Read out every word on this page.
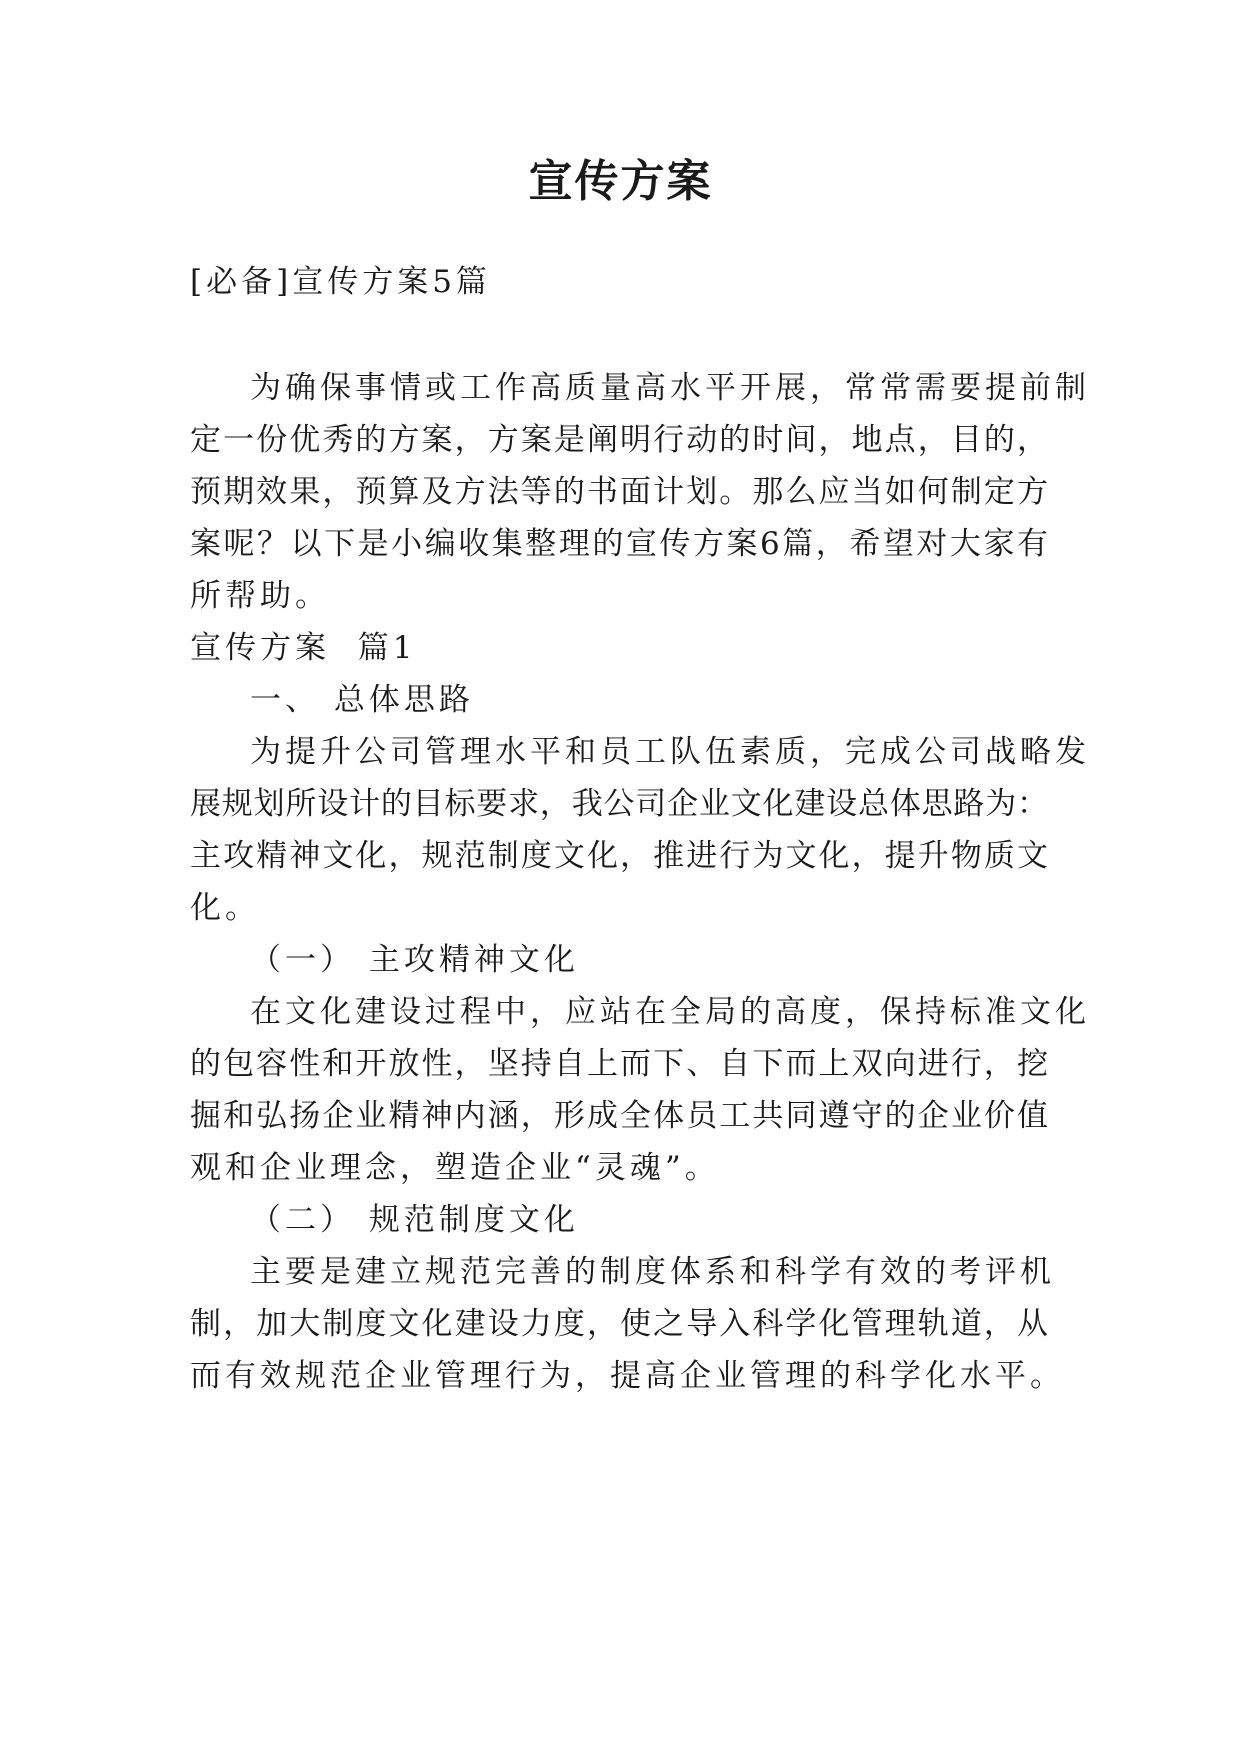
宣传方案
[必备]宣传方案5篇
为确保事情或工作高质量高水平开展，常常需要提前制
定一份优秀的方案，方案是阐明行动的时间，地点，目的，
预期效果，预算及方法等的书面计划。那么应当如何制定方
案呢？以下是小编收集整理的宣传方案6篇，希望对大家有
所帮助。
宣传方案  篇1
一、 总体思路
为提升公司管理水平和员工队伍素质，完成公司战略发
展规划所设计的目标要求，我公司企业文化建设总体思路为：
主攻精神文化，规范制度文化，推进行为文化，提升物质文
化。
（一） 主攻精神文化
在文化建设过程中，应站在全局的高度，保持标准文化
的包容性和开放性，坚持自上而下、自下而上双向进行，挖
掘和弘扬企业精神内涵，形成全体员工共同遵守的企业价值
观和企业理念，塑造企业“灵魂”。
（二） 规范制度文化
主要是建立规范完善的制度体系和科学有效的考评机
制，加大制度文化建设力度，使之导入科学化管理轨道，从
而有效规范企业管理行为，提高企业管理的科学化水平。
